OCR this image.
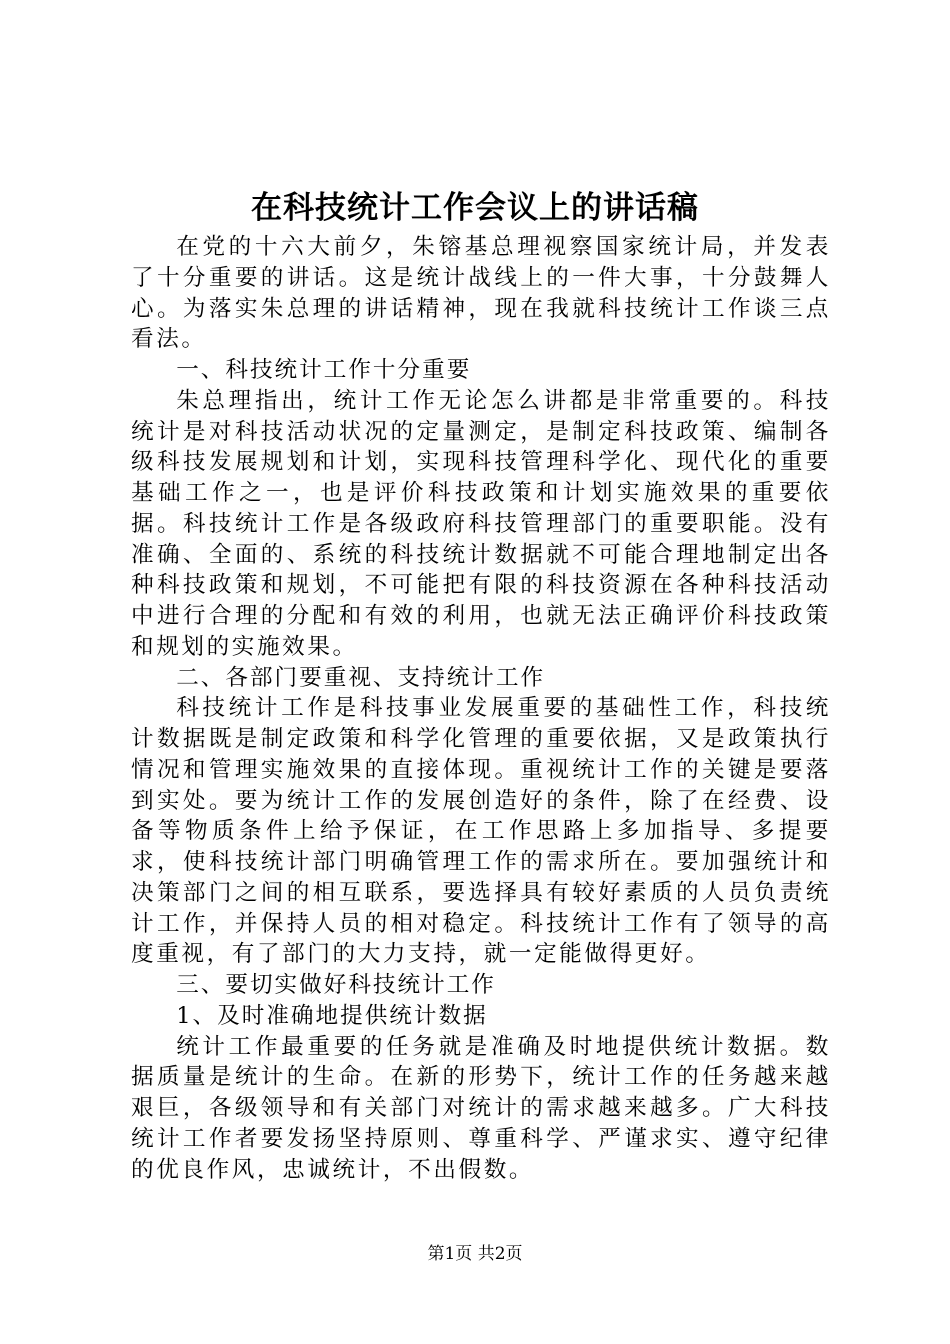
在科技统计工作会议上的讲话稿

在党的十六大前夕，朱镕基总理视察国家统计局，并发表了十分重要的讲话。这是统计战线上的一件大事，十分鼓舞人心。为落实朱总理的讲话精神，现在我就科技统计工作谈三点看法。

一、科技统计工作十分重要

朱总理指出，统计工作无论怎么讲都是非常重要的。科技统计是对科技活动状况的定量测定，是制定科技政策、编制各级科技发展规划和计划，实现科技管理科学化、现代化的重要基础工作之一，也是评价科技政策和计划实施效果的重要依据。科技统计工作是各级政府科技管理部门的重要职能。没有准确、全面的、系统的科技统计数据就不可能合理地制定出各种科技政策和规划，不可能把有限的科技资源在各种科技活动中进行合理的分配和有效的利用，也就无法正确评价科技政策和规划的实施效果。

二、各部门要重视、支持统计工作

科技统计工作是科技事业发展重要的基础性工作，科技统计数据既是制定政策和科学化管理的重要依据，又是政策执行情况和管理实施效果的直接体现。重视统计工作的关键是要落到实处。要为统计工作的发展创造好的条件，除了在经费、设备等物质条件上给予保证，在工作思路上多加指导、多提要求，使科技统计部门明确管理工作的需求所在。要加强统计和决策部门之间的相互联系，要选择具有较好素质的人员负责统计工作，并保持人员的相对稳定。科技统计工作有了领导的高度重视，有了部门的大力支持，就一定能做得更好。

三、要切实做好科技统计工作

1、及时准确地提供统计数据

统计工作最重要的任务就是准确及时地提供统计数据。数据质量是统计的生命。在新的形势下，统计工作的任务越来越艰巨，各级领导和有关部门对统计的需求越来越多。广大科技统计工作者要发扬坚持原则、尊重科学、严谨求实、遵守纪律的优良作风，忠诚统计，不出假数。

第1页 共2页
